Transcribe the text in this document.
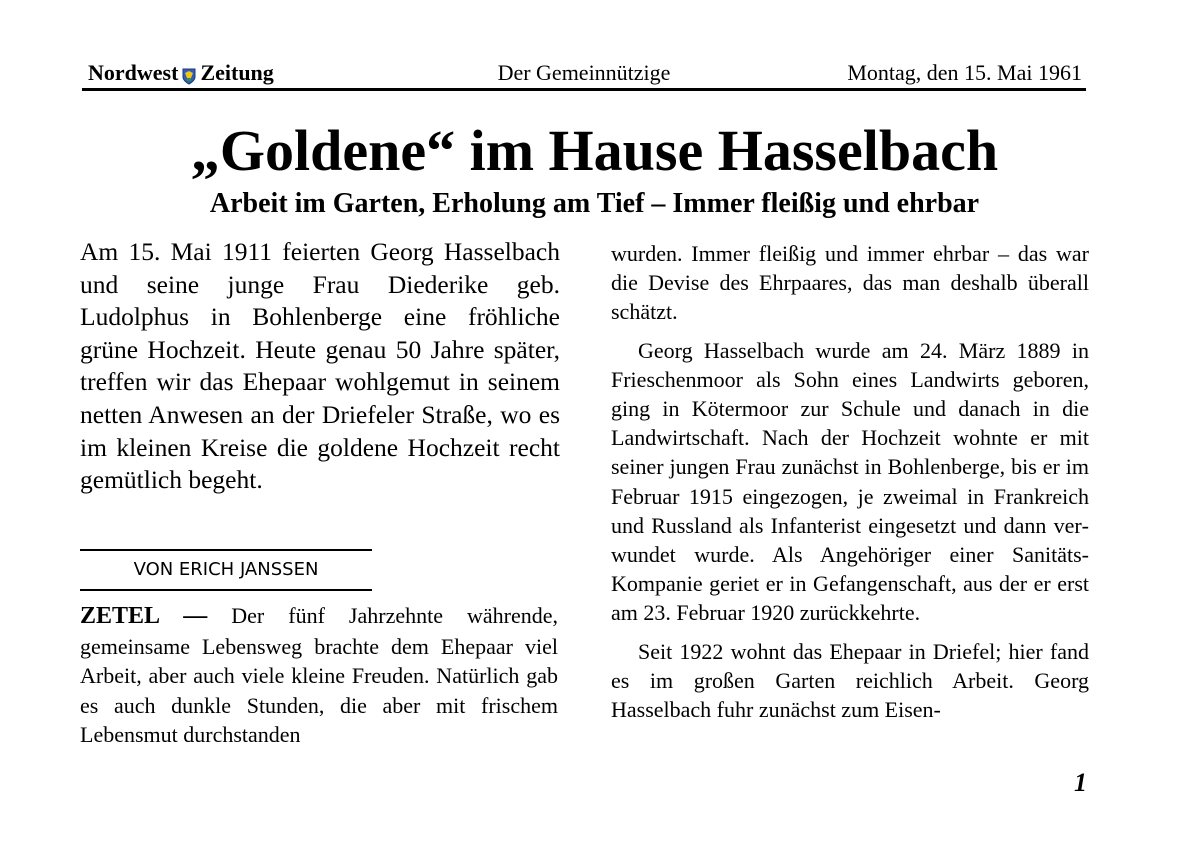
Nordwest Zeitung	Der Gemeinnützige	Montag, den 15. Mai 1961
„Goldene“ im Hause Hasselbach
Arbeit im Garten, Erholung am Tief – Immer fleißig und ehrbar

Am 15. Mai 1911 feierten Georg Hasselbach und seine junge Frau Diederike geb. Ludolphus in Bohlenberge eine fröhliche grüne Hochzeit. Heute genau 50 Jahre später, treffen wir das Ehepaar wohlgemut in seinem netten Anwesen an der Driefeler Straße, wo es im kleinen Kreise die goldene Hochzeit recht gemütlich begeht.

VON ERICH JANSSEN

ZETEL — Der fünf Jahrzehnte währende, gemeinsame Lebensweg brachte dem Ehepaar viel Arbeit, aber auch viele kleine Freuden. Natürlich gab es auch dunkle Stunden, die aber mit frischem Lebensmut durchstanden

wurden. Immer fleißig und immer ehrbar – das war die Devise des Ehrpaares, das man deshalb überall schätzt.

Georg Hasselbach wurde am 24. März 1889 in Frieschenmoor als Sohn eines Landwirts geboren, ging in Kötermoor zur Schule und danach in die Landwirtschaft. Nach der Hochzeit wohnte er mit seiner jungen Frau zunächst in Bohlenberge, bis er im Februar 1915 eingezogen, je zweimal in Frankreich und Russland als Infanterist eingesetzt und dann verwundet wurde. Als Angehöriger einer Sanitäts-Kompanie geriet er in Gefangenschaft, aus der er erst am 23. Februar 1920 zurückkehrte.

Seit 1922 wohnt das Ehepaar in Driefel; hier fand es im großen Garten reichlich Arbeit. Georg Hasselbach fuhr zunächst zum Eisen-

1
